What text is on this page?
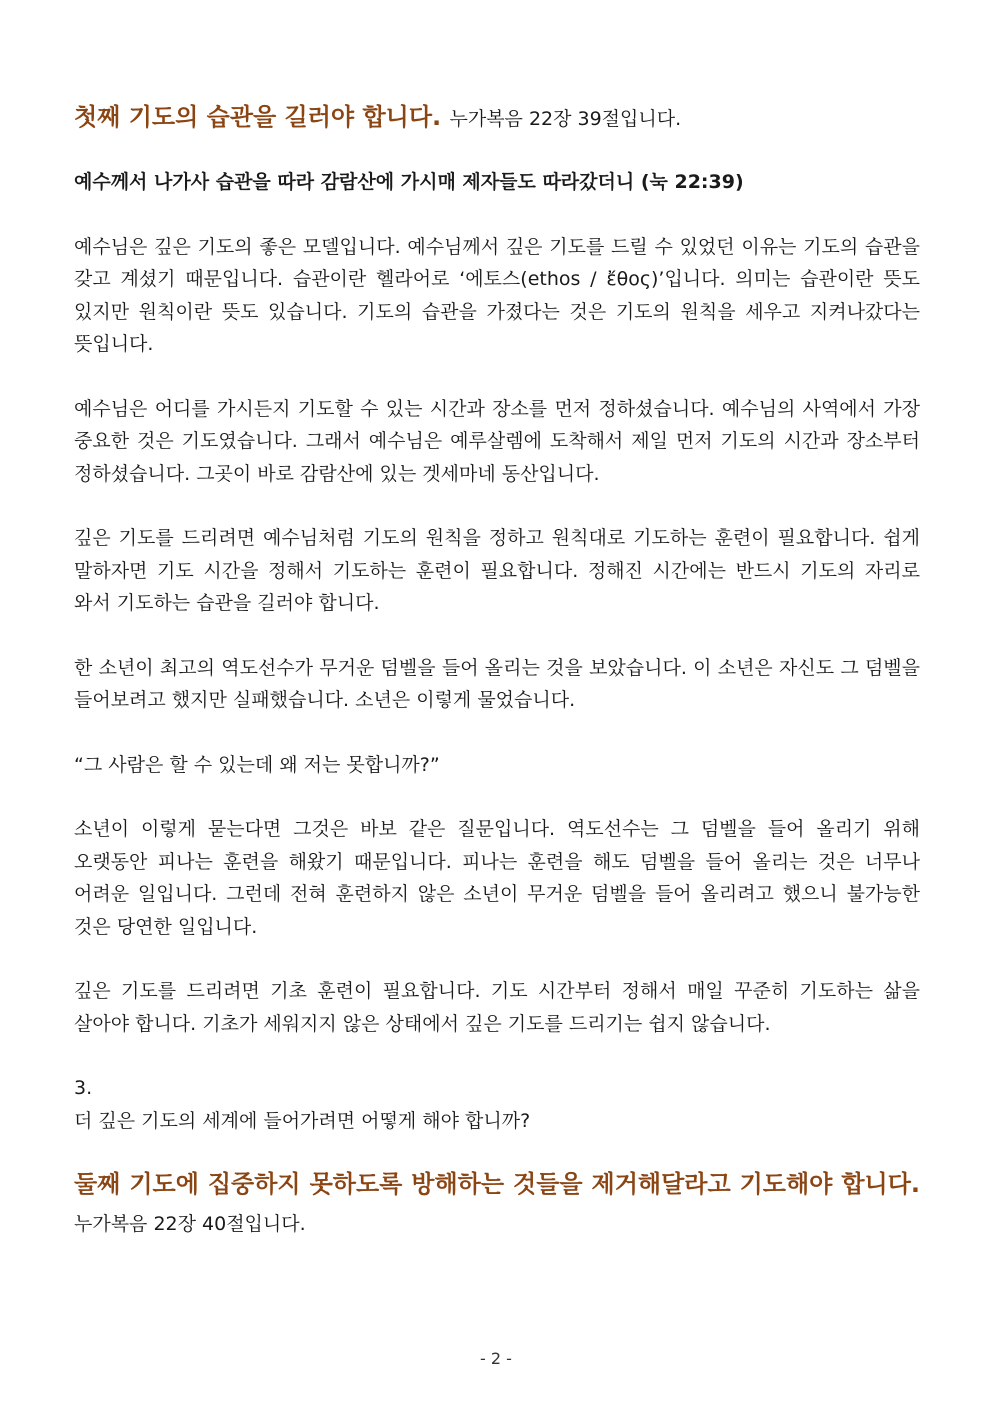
첫째 기도의 습관을 길러야 합니다. 누가복음 22장 39절입니다.

예수께서 나가사 습관을 따라 감람산에 가시매 제자들도 따라갔더니 (눅 22:39)

예수님은 깊은 기도의 좋은 모델입니다. 예수님께서 깊은 기도를 드릴 수 있었던 이유는 기도의 습관을 갖고 계셨기 때문입니다. 습관이란 헬라어로 ‘에토스(ethos / ἔθος)’입니다. 의미는 습관이란 뜻도 있지만 원칙이란 뜻도 있습니다. 기도의 습관을 가졌다는 것은 기도의 원칙을 세우고 지켜나갔다는 뜻입니다.

예수님은 어디를 가시든지 기도할 수 있는 시간과 장소를 먼저 정하셨습니다. 예수님의 사역에서 가장 중요한 것은 기도였습니다. 그래서 예수님은 예루살렘에 도착해서 제일 먼저 기도의 시간과 장소부터 정하셨습니다. 그곳이 바로 감람산에 있는 겟세마네 동산입니다.

깊은 기도를 드리려면 예수님처럼 기도의 원칙을 정하고 원칙대로 기도하는 훈련이 필요합니다. 쉽게 말하자면 기도 시간을 정해서 기도하는 훈련이 필요합니다. 정해진 시간에는 반드시 기도의 자리로 와서 기도하는 습관을 길러야 합니다.

한 소년이 최고의 역도선수가 무거운 덤벨을 들어 올리는 것을 보았습니다. 이 소년은 자신도 그 덤벨을 들어보려고 했지만 실패했습니다. 소년은 이렇게 물었습니다.

“그 사람은 할 수 있는데 왜 저는 못합니까?”

소년이 이렇게 묻는다면 그것은 바보 같은 질문입니다. 역도선수는 그 덤벨을 들어 올리기 위해 오랫동안 피나는 훈련을 해왔기 때문입니다. 피나는 훈련을 해도 덤벨을 들어 올리는 것은 너무나 어려운 일입니다. 그런데 전혀 훈련하지 않은 소년이 무거운 덤벨을 들어 올리려고 했으니 불가능한 것은 당연한 일입니다.

깊은 기도를 드리려면 기초 훈련이 필요합니다. 기도 시간부터 정해서 매일 꾸준히 기도하는 삶을 살아야 합니다. 기초가 세워지지 않은 상태에서 깊은 기도를 드리기는 쉽지 않습니다.

3.

더 깊은 기도의 세계에 들어가려면 어떻게 해야 합니까?

둘째 기도에 집중하지 못하도록 방해하는 것들을 제거해달라고 기도해야 합니다. 누가복음 22장 40절입니다.

- 2 -
